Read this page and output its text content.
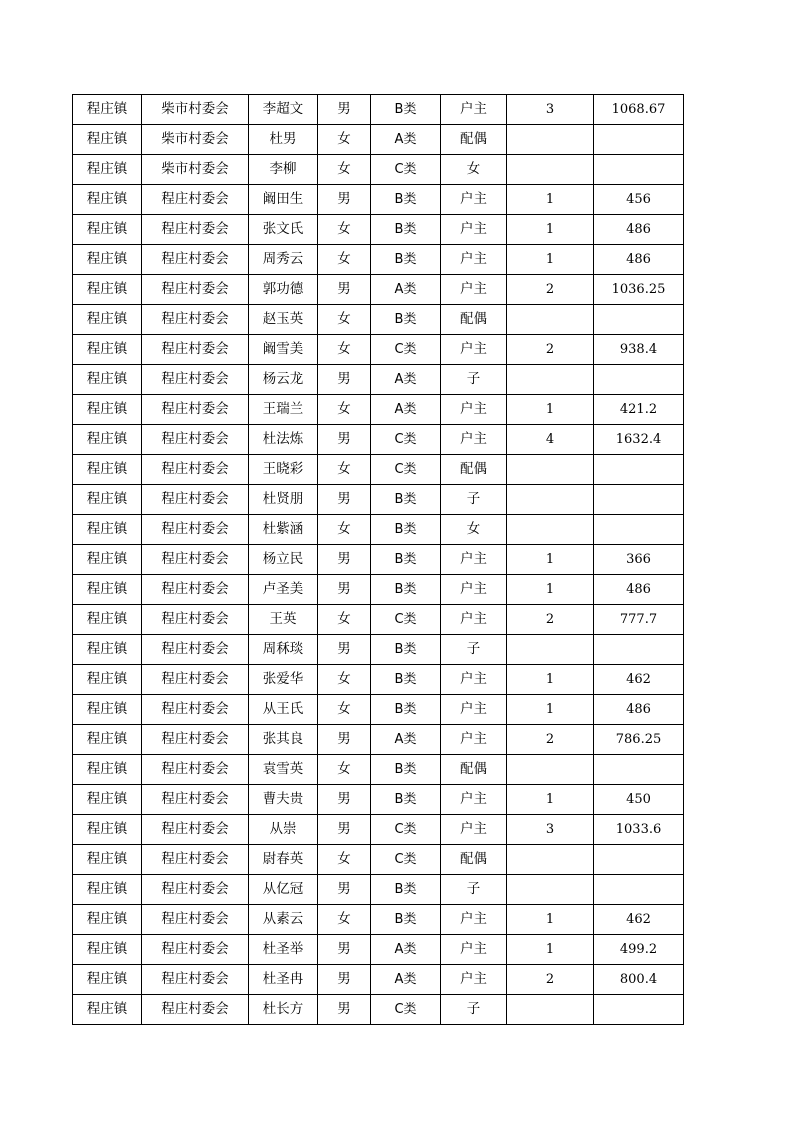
程庄镇	柴市村委会	李超文	男	B类	户主	3	1068.67
程庄镇	柴市村委会	杜男	女	A类	配偶		
程庄镇	柴市村委会	李柳	女	C类	女		
程庄镇	程庄村委会	阚田生	男	B类	户主	1	456
程庄镇	程庄村委会	张文氏	女	B类	户主	1	486
程庄镇	程庄村委会	周秀云	女	B类	户主	1	486
程庄镇	程庄村委会	郭功德	男	A类	户主	2	1036.25
程庄镇	程庄村委会	赵玉英	女	B类	配偶		
程庄镇	程庄村委会	阚雪美	女	C类	户主	2	938.4
程庄镇	程庄村委会	杨云龙	男	A类	子		
程庄镇	程庄村委会	王瑞兰	女	A类	户主	1	421.2
程庄镇	程庄村委会	杜法炼	男	C类	户主	4	1632.4
程庄镇	程庄村委会	王晓彩	女	C类	配偶		
程庄镇	程庄村委会	杜贤朋	男	B类	子		
程庄镇	程庄村委会	杜紫涵	女	B类	女		
程庄镇	程庄村委会	杨立民	男	B类	户主	1	366
程庄镇	程庄村委会	卢圣美	男	B类	户主	1	486
程庄镇	程庄村委会	王英	女	C类	户主	2	777.7
程庄镇	程庄村委会	周秝琰	男	B类	子		
程庄镇	程庄村委会	张爱华	女	B类	户主	1	462
程庄镇	程庄村委会	从王氏	女	B类	户主	1	486
程庄镇	程庄村委会	张其良	男	A类	户主	2	786.25
程庄镇	程庄村委会	袁雪英	女	B类	配偶		
程庄镇	程庄村委会	曹夫贵	男	B类	户主	1	450
程庄镇	程庄村委会	从崇	男	C类	户主	3	1033.6
程庄镇	程庄村委会	尉春英	女	C类	配偶		
程庄镇	程庄村委会	从亿冠	男	B类	子		
程庄镇	程庄村委会	从素云	女	B类	户主	1	462
程庄镇	程庄村委会	杜圣举	男	A类	户主	1	499.2
程庄镇	程庄村委会	杜圣冉	男	A类	户主	2	800.4
程庄镇	程庄村委会	杜长方	男	C类	子		
